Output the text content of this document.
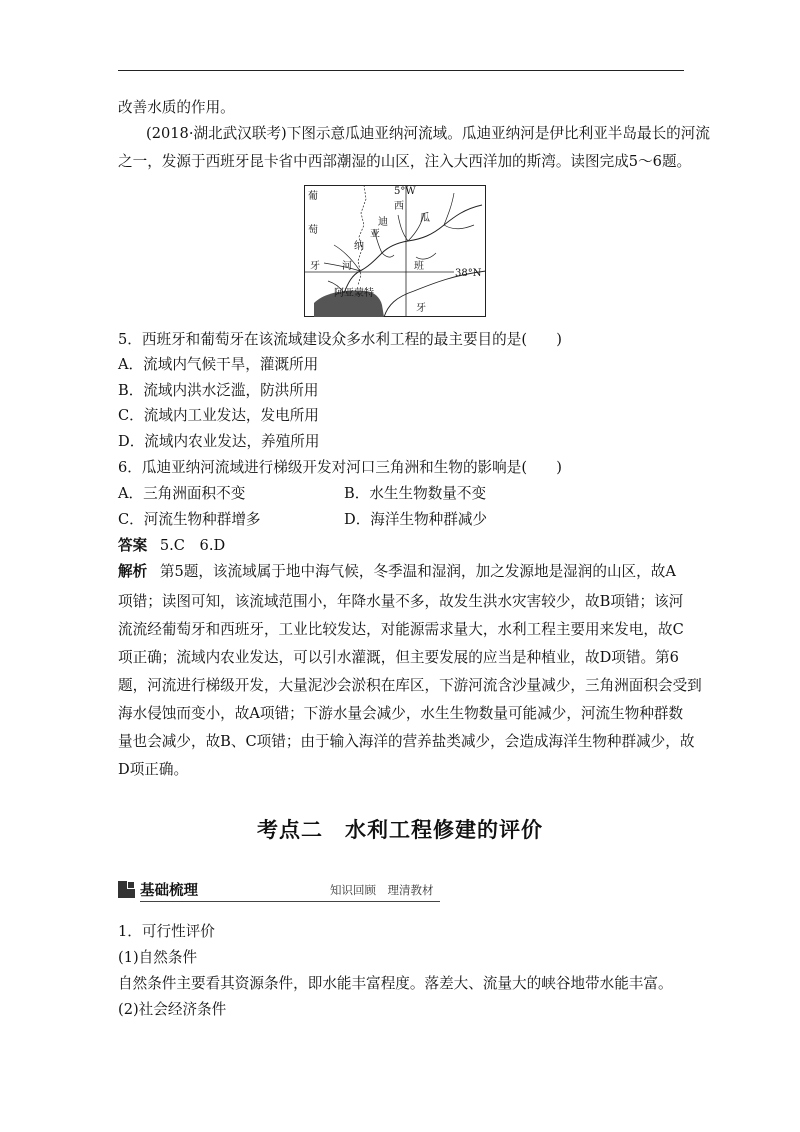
改善水质的作用。
(2018·湖北武汉联考)下图示意瓜迪亚纳河流域。瓜迪亚纳河是伊比利亚半岛最长的河流
之一，发源于西班牙昆卡省中西部潮湿的山区，注入大西洋加的斯湾。读图完成5～6题。
5°W
38°N
葡
萄
牙
西
班
牙
瓜
迪
亚
纳
河
阿亚蒙特
5．西班牙和葡萄牙在该流域建设众多水利工程的最主要目的是(　　)
A．流域内气候干旱，灌溉所用
B．流域内洪水泛滥，防洪所用
C．流域内工业发达，发电所用
D．流域内农业发达，养殖所用
6．瓜迪亚纳河流域进行梯级开发对河口三角洲和生物的影响是(　　)
A．三角洲面积不变	B．水生生物数量不变
C．河流生物种群增多	D．海洋生物种群减少
答案 5.C　6.D
解析 第5题，该流域属于地中海气候，冬季温和湿润，加之发源地是湿润的山区，故A
项错；读图可知，该流域范围小，年降水量不多，故发生洪水灾害较少，故B项错；该河
流流经葡萄牙和西班牙，工业比较发达，对能源需求量大，水利工程主要用来发电，故C
项正确；流域内农业发达，可以引水灌溉，但主要发展的应当是种植业，故D项错。第6
题，河流进行梯级开发，大量泥沙会淤积在库区，下游河流含沙量减少，三角洲面积会受到
海水侵蚀而变小，故A项错；下游水量会减少，水生生物数量可能减少，河流生物种群数
量也会减少，故B、C项错；由于输入海洋的营养盐类减少，会造成海洋生物种群减少，故
D项正确。
考点二 水利工程修建的评价
基础梳理	知识回顾　理清教材
1．可行性评价
(1)自然条件
自然条件主要看其资源条件，即水能丰富程度。落差大、流量大的峡谷地带水能丰富。
(2)社会经济条件
